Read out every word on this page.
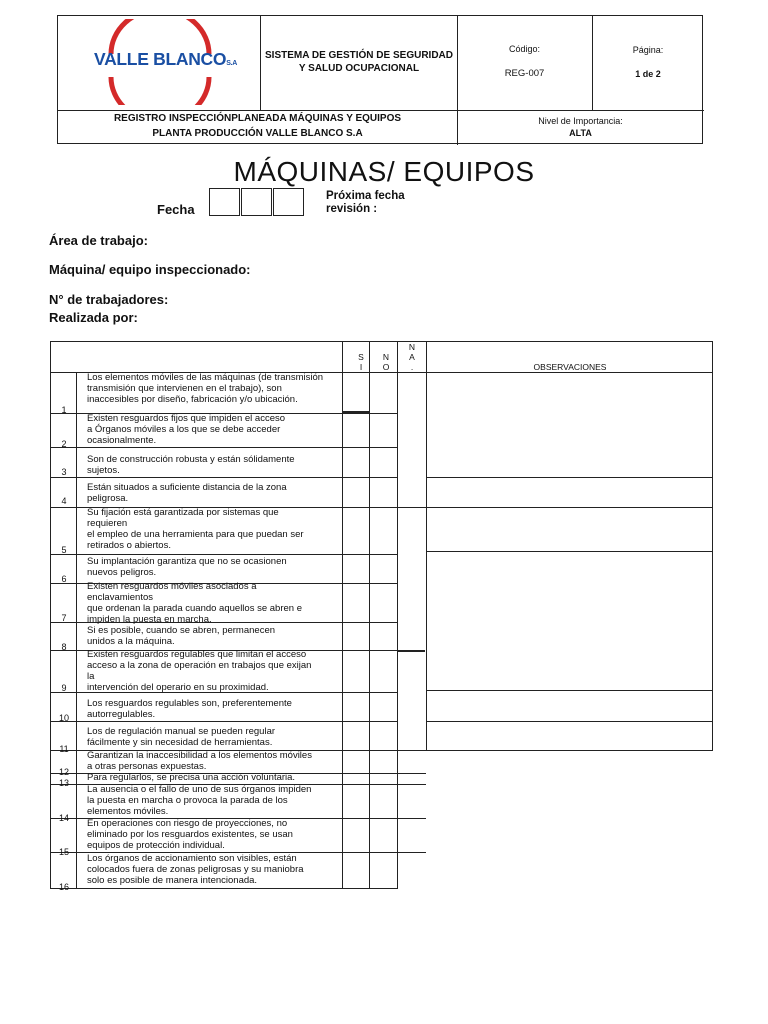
VALLE BLANCOS.A
SISTEMA DE GESTIÓN DE SEGURIDAD
Y SALUD OCUPACIONAL
Código:
REG-007
Página:
1 de 2
REGISTRO INSPECCIÓNPLANEADA MÁQUINAS Y EQUIPOS
PLANTA PRODUCCIÓN VALLE BLANCO S.A
Nivel de Importancia:
ALTA
MÁQUINAS/ EQUIPOS
Fecha
Próxima fecha
revisión :
Área de trabajo:
Máquina/ equipo inspeccionado:
N° de trabajadores:
Realizada por:
S
I
N
O
N
A
.	OBSERVACIONES
1
Los elementos móviles de las máquinas (de transmisión
transmisión que intervienen en el trabajo), son
inaccesibles por diseño, fabricación y/o ubicación.
2
Existen resguardos fijos que impiden el acceso
a Órganos móviles a los que se debe acceder
ocasionalmente.
3
Son de construcción robusta y están sólidamente
sujetos.
4
Están situados a suficiente distancia de la zona
peligrosa.
5
Su fijación está garantizada por sistemas que
requieren
el empleo de una herramienta para que puedan ser
retirados o abiertos.
6
Su implantación garantiza que no se ocasionen
nuevos peligros.
7
Existen resguardos móviles asociados a
enclavamientos
que ordenan la parada cuando aquellos se abren e
impiden la puesta en marcha.
8
Si es posible, cuando se abren, permanecen
unidos a la máquina.
9
Existen resguardos regulables que limitan el acceso
acceso a la zona de operación en trabajos que exijan
la
intervención del operario en su proximidad.
10
Los resguardos regulables son, preferentemente
autorregulables.
11
Los de regulación manual se pueden regular
fácilmente y sin necesidad de herramientas.
12
Garantizan la inaccesibilidad a los elementos móviles
a otras personas expuestas.
13	Para regularlos, se precisa una acción voluntaria.
14
La ausencia o el fallo de uno de sus órganos impiden
la puesta en marcha o provoca la parada de los
elementos móviles.
15
En operaciones con riesgo de proyecciones, no
eliminado por los resguardos existentes, se usan
equipos de protección individual.
16
Los órganos de accionamiento son visibles, están
colocados fuera de zonas peligrosas y su maniobra
solo es posible de manera intencionada.
